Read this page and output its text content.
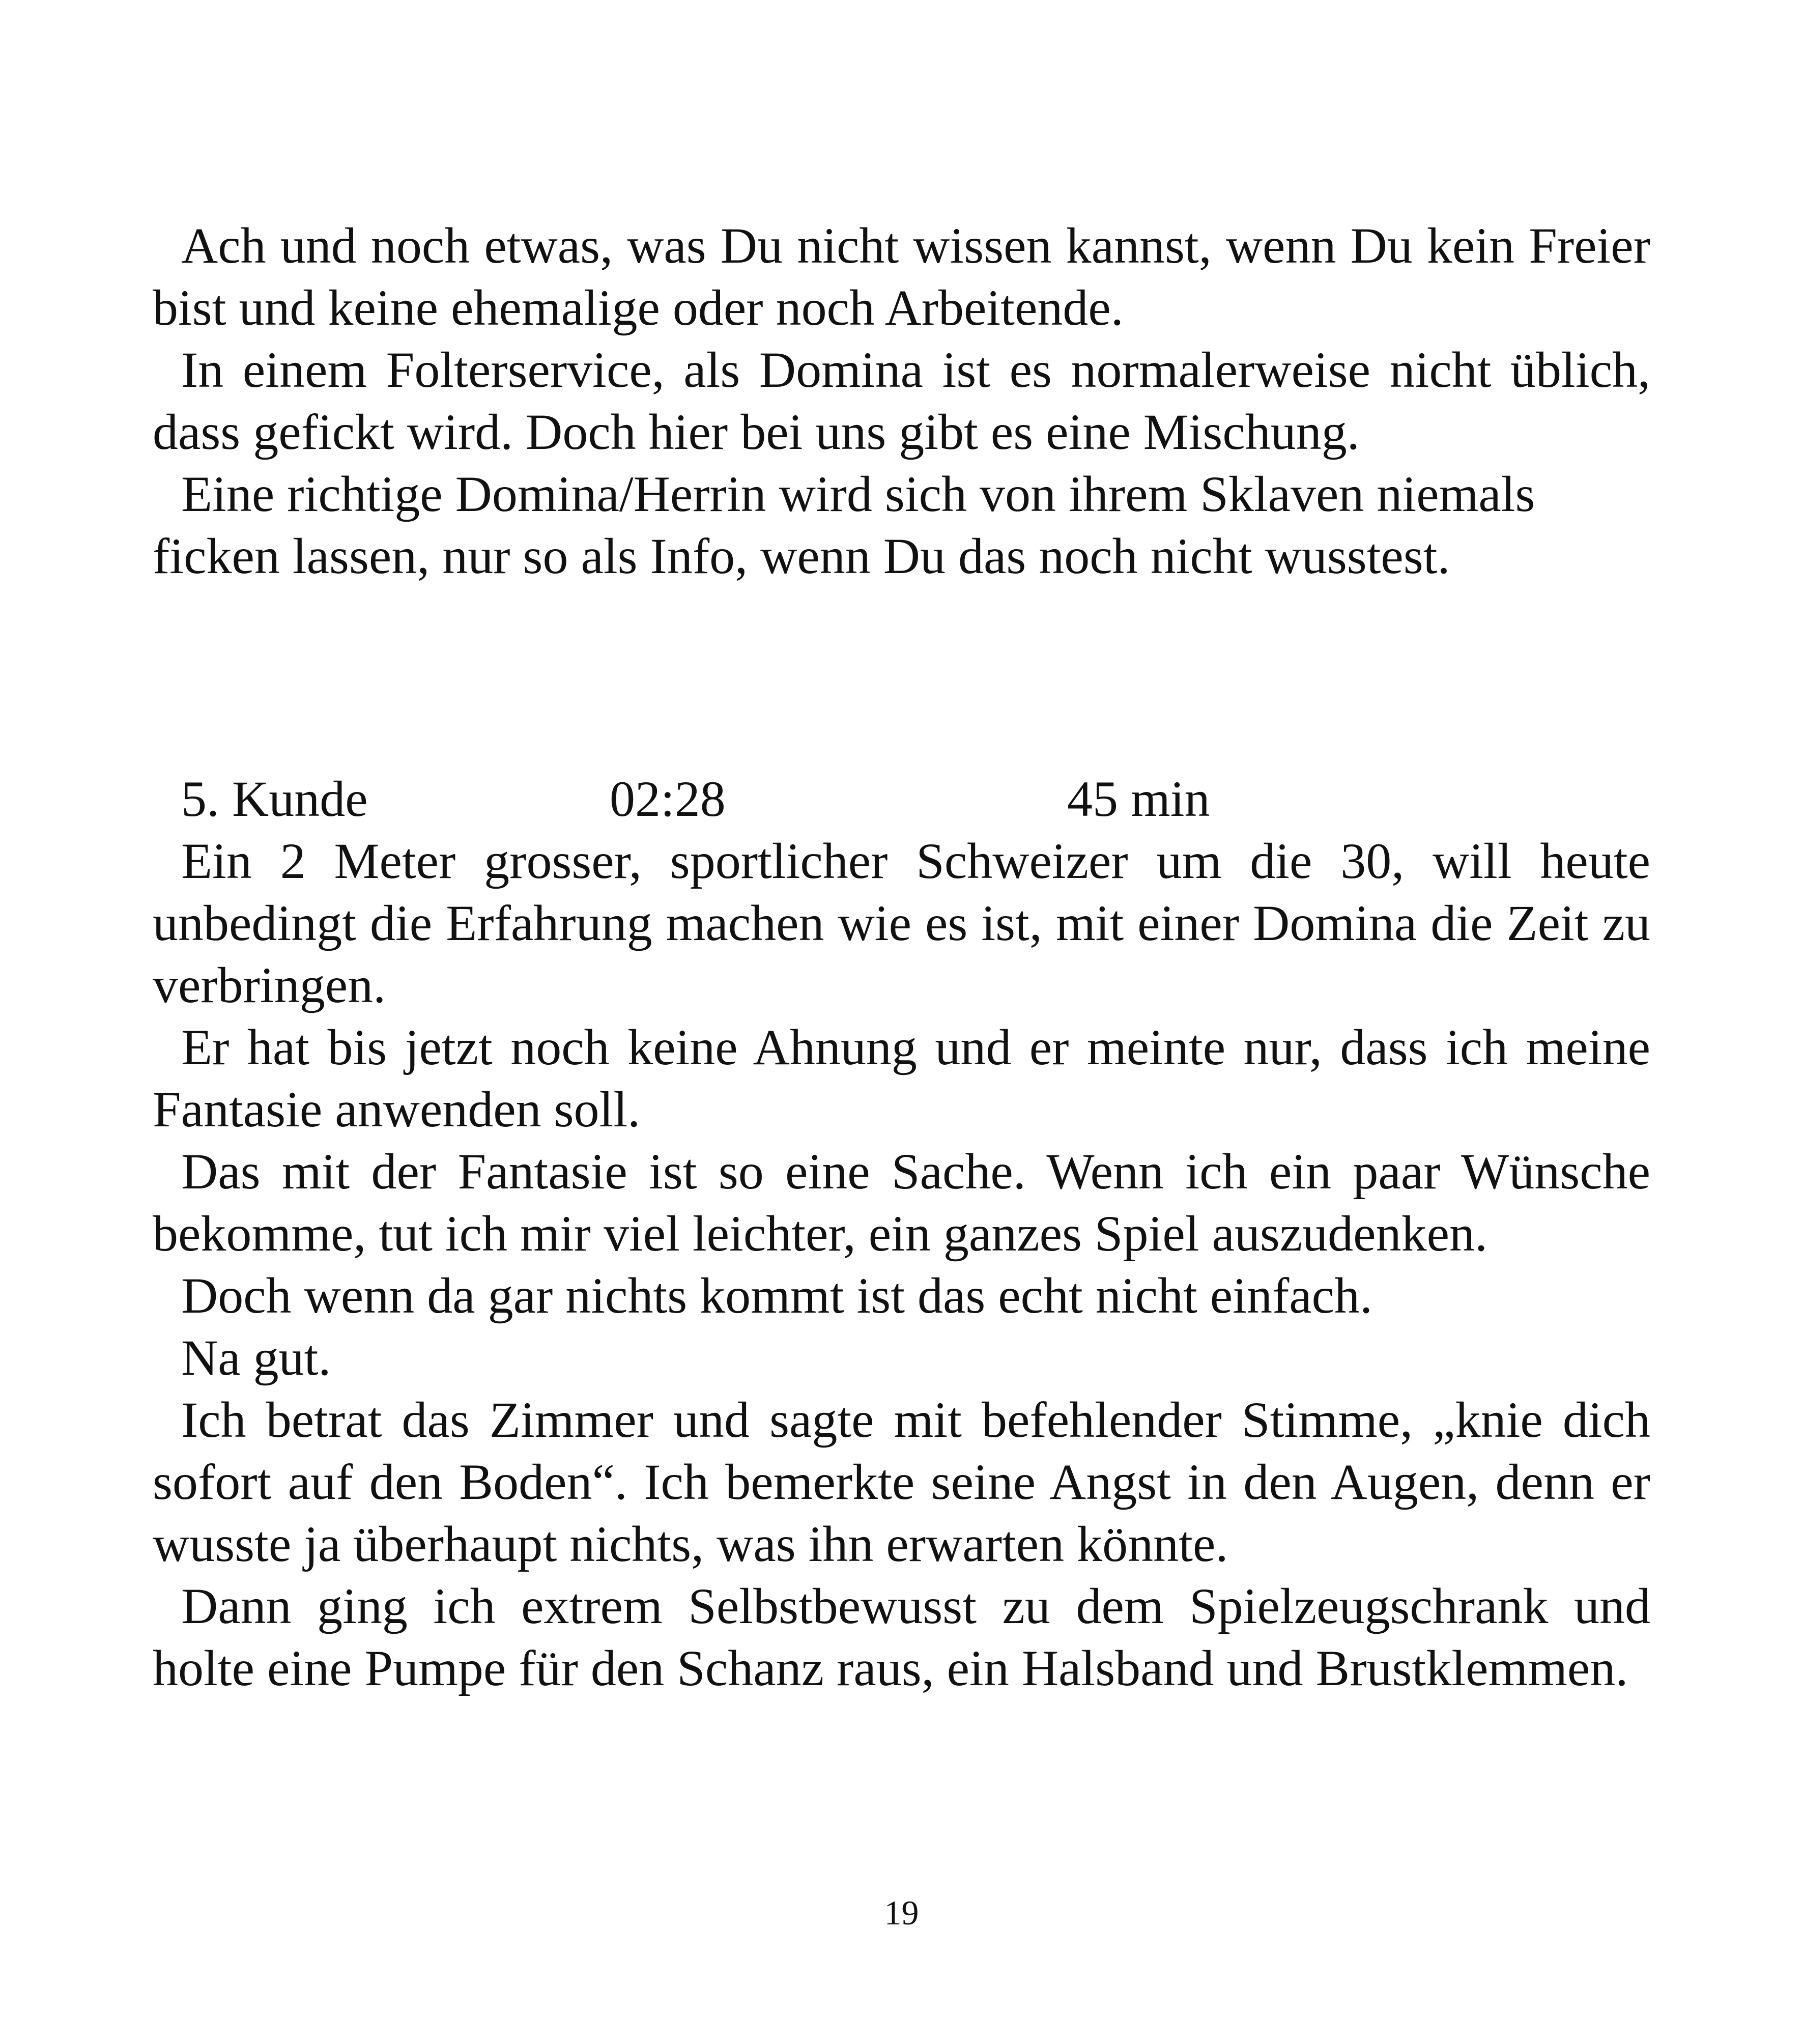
Ach und noch etwas, was Du nicht wissen kannst, wenn Du kein Freier bist und keine ehemalige oder noch Arbeitende.

In einem Folterservice, als Domina ist es normalerweise nicht üblich, dass gefickt wird. Doch hier bei uns gibt es eine Mischung.

Eine richtige Domina/Herrin wird sich von ihrem Sklaven niemals ficken lassen, nur so als Info, wenn Du das noch nicht wusstest.

5. Kunde	02:28	45 min

Ein 2 Meter grosser, sportlicher Schweizer um die 30, will heute unbedingt die Erfahrung machen wie es ist, mit einer Domina die Zeit zu verbringen.

Er hat bis jetzt noch keine Ahnung und er meinte nur, dass ich meine Fantasie anwenden soll.

Das mit der Fantasie ist so eine Sache. Wenn ich ein paar Wünsche bekomme, tut ich mir viel leichter, ein ganzes Spiel auszudenken.

Doch wenn da gar nichts kommt ist das echt nicht einfach.

Na gut.

Ich betrat das Zimmer und sagte mit befehlender Stimme, „knie dich sofort auf den Boden“. Ich bemerkte seine Angst in den Augen, denn er wusste ja überhaupt nichts, was ihn erwarten könnte.

Dann ging ich extrem Selbstbewusst zu dem Spielzeugschrank und holte eine Pumpe für den Schanz raus, ein Halsband und Brustklemmen.

19
